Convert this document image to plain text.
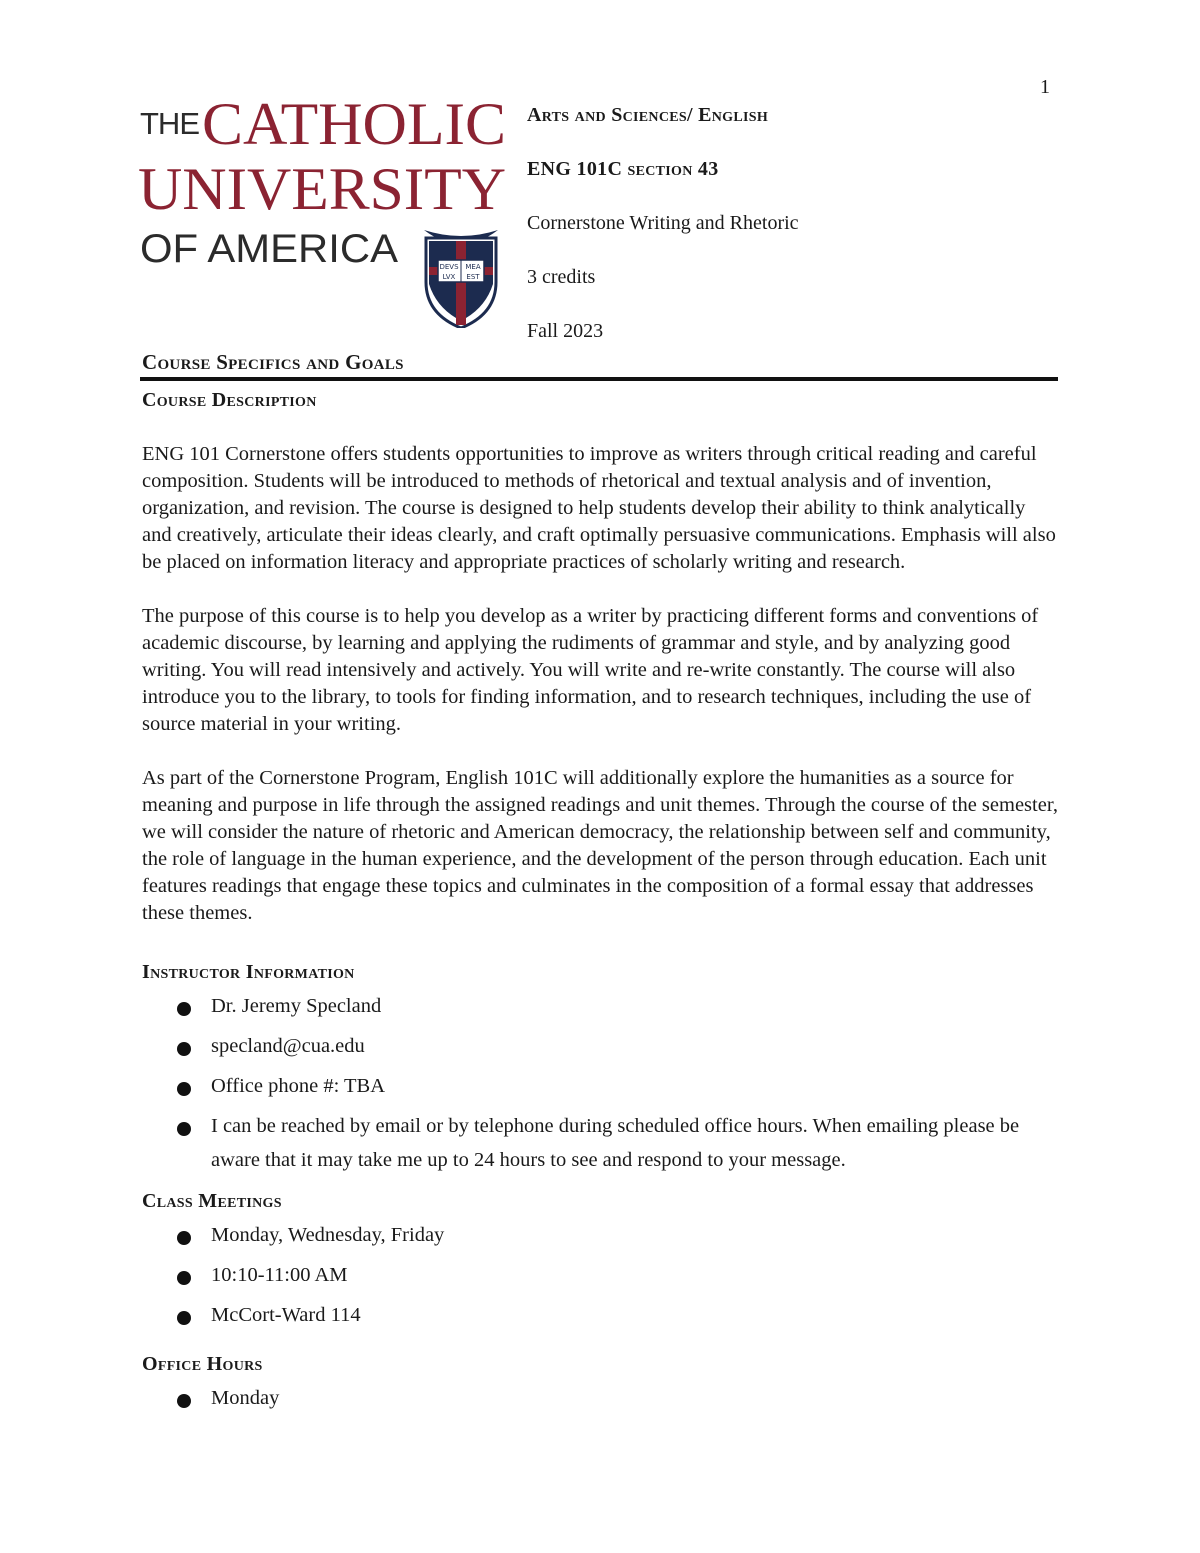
1
THE CATHOLIC
UNIVERSITY
OF AMERICA	DEVS MEA
LVX EST
Arts and Sciences/ English
ENG 101C section 43
Cornerstone Writing and Rhetoric
3 credits
Fall 2023
Course Specifics and Goals
Course Description

ENG 101 Cornerstone offers students opportunities to improve as writers through critical reading and careful composition. Students will be introduced to methods of rhetorical and textual analysis and of invention, organization, and revision. The course is designed to help students develop their ability to think analytically and creatively, articulate their ideas clearly, and craft optimally persuasive communications. Emphasis will also be placed on information literacy and appropriate practices of scholarly writing and research.

The purpose of this course is to help you develop as a writer by practicing different forms and conventions of academic discourse, by learning and applying the rudiments of grammar and style, and by analyzing good writing. You will read intensively and actively. You will write and re-write constantly. The course will also introduce you to the library, to tools for finding information, and to research techniques, including the use of source material in your writing.

As part of the Cornerstone Program, English 101C will additionally explore the humanities as a source for meaning and purpose in life through the assigned readings and unit themes. Through the course of the semester, we will consider the nature of rhetoric and American democracy, the relationship between self and community, the role of language in the human experience, and the development of the person through education. Each unit features readings that engage these topics and culminates in the composition of a formal essay that addresses these themes.

Instructor Information
Dr. Jeremy Specland
specland@cua.edu
Office phone #: TBA
I can be reached by email or by telephone during scheduled office hours. When emailing please be aware that it may take me up to 24 hours to see and respond to your message.
Class Meetings
Monday, Wednesday, Friday
10:10-11:00 AM
McCort-Ward 114
Office Hours
Monday
